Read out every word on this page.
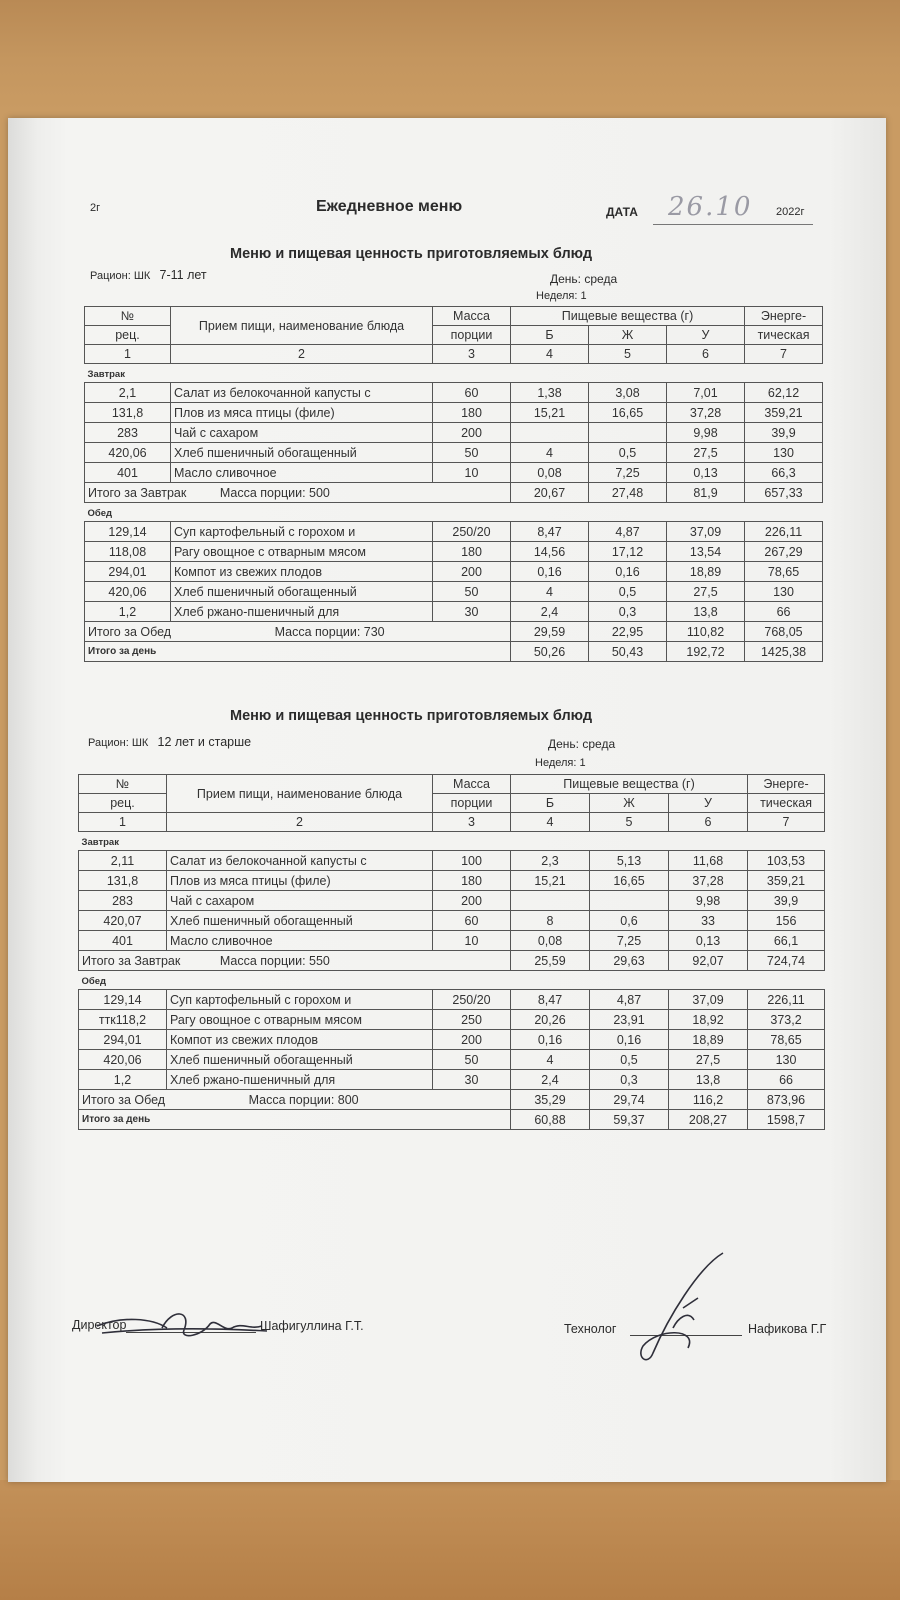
2г	Ежедневное меню	ДАТА 26.10 2022г
Меню и пищевая ценность приготовляемых блюд
Рацион: ШК 7-11 лет	День: среда
Неделя: 1
№	Прием пищи, наименование блюда	Масса	Пищевые вещества (г)			Энерге-
рец.		порции	Б	Ж	У	тическая
1	2	3	4	5	6	7
Завтрак						
2,1	Салат из белокочанной капусты с	60	1,38	3,08	7,01	62,12
131,8	Плов из мяса птицы (филе)	180	15,21	16,65	37,28	359,21
283	Чай с сахаром	200			9,98	39,9
420,06	Хлеб пшеничный обогащенный	50	4	0,5	27,5	130
401	Масло сливочное	10	0,08	7,25	0,13	66,3
Итого за Завтрак Масса порции: 500			20,67	27,48	81,9	657,33
Обед						
129,14	Суп картофельный с горохом и	250/20	8,47	4,87	37,09	226,11
118,08	Рагу овощное с отварным мясом	180	14,56	17,12	13,54	267,29
294,01	Компот из свежих плодов	200	0,16	0,16	18,89	78,65
420,06	Хлеб пшеничный обогащенный	50	4	0,5	27,5	130
1,2	Хлеб ржано-пшеничный для	30	2,4	0,3	13,8	66
Итого за Обед Масса порции: 730			29,59	22,95	110,82	768,05
Итого за день			50,26	50,43	192,72	1425,38
Меню и пищевая ценность приготовляемых блюд
Рацион: ШК 12 лет и старше	День: среда
Неделя: 1
№	Прием пищи, наименование блюда	Масса	Пищевые вещества (г)			Энерге-
рец.		порции	Б	Ж	У	тическая
1	2	3	4	5	6	7
Завтрак						
2,11	Салат из белокочанной капусты с	100	2,3	5,13	11,68	103,53
131,8	Плов из мяса птицы (филе)	180	15,21	16,65	37,28	359,21
283	Чай с сахаром	200			9,98	39,9
420,07	Хлеб пшеничный обогащенный	60	8	0,6	33	156
401	Масло сливочное	10	0,08	7,25	0,13	66,1
Итого за Завтрак Масса порции: 550			25,59	29,63	92,07	724,74
Обед						
129,14	Суп картофельный с горохом и	250/20	8,47	4,87	37,09	226,11
ттк118,2	Рагу овощное с отварным мясом	250	20,26	23,91	18,92	373,2
294,01	Компот из свежих плодов	200	0,16	0,16	18,89	78,65
420,06	Хлеб пшеничный обогащенный	50	4	0,5	27,5	130
1,2	Хлеб ржано-пшеничный для	30	2,4	0,3	13,8	66
Итого за Обед Масса порции: 800			35,29	29,74	116,2	873,96
Итого за день			60,88	59,37	208,27	1598,7
Директор	Шафигуллина Г.Т.	Технолог	Нафикова Г.Г
